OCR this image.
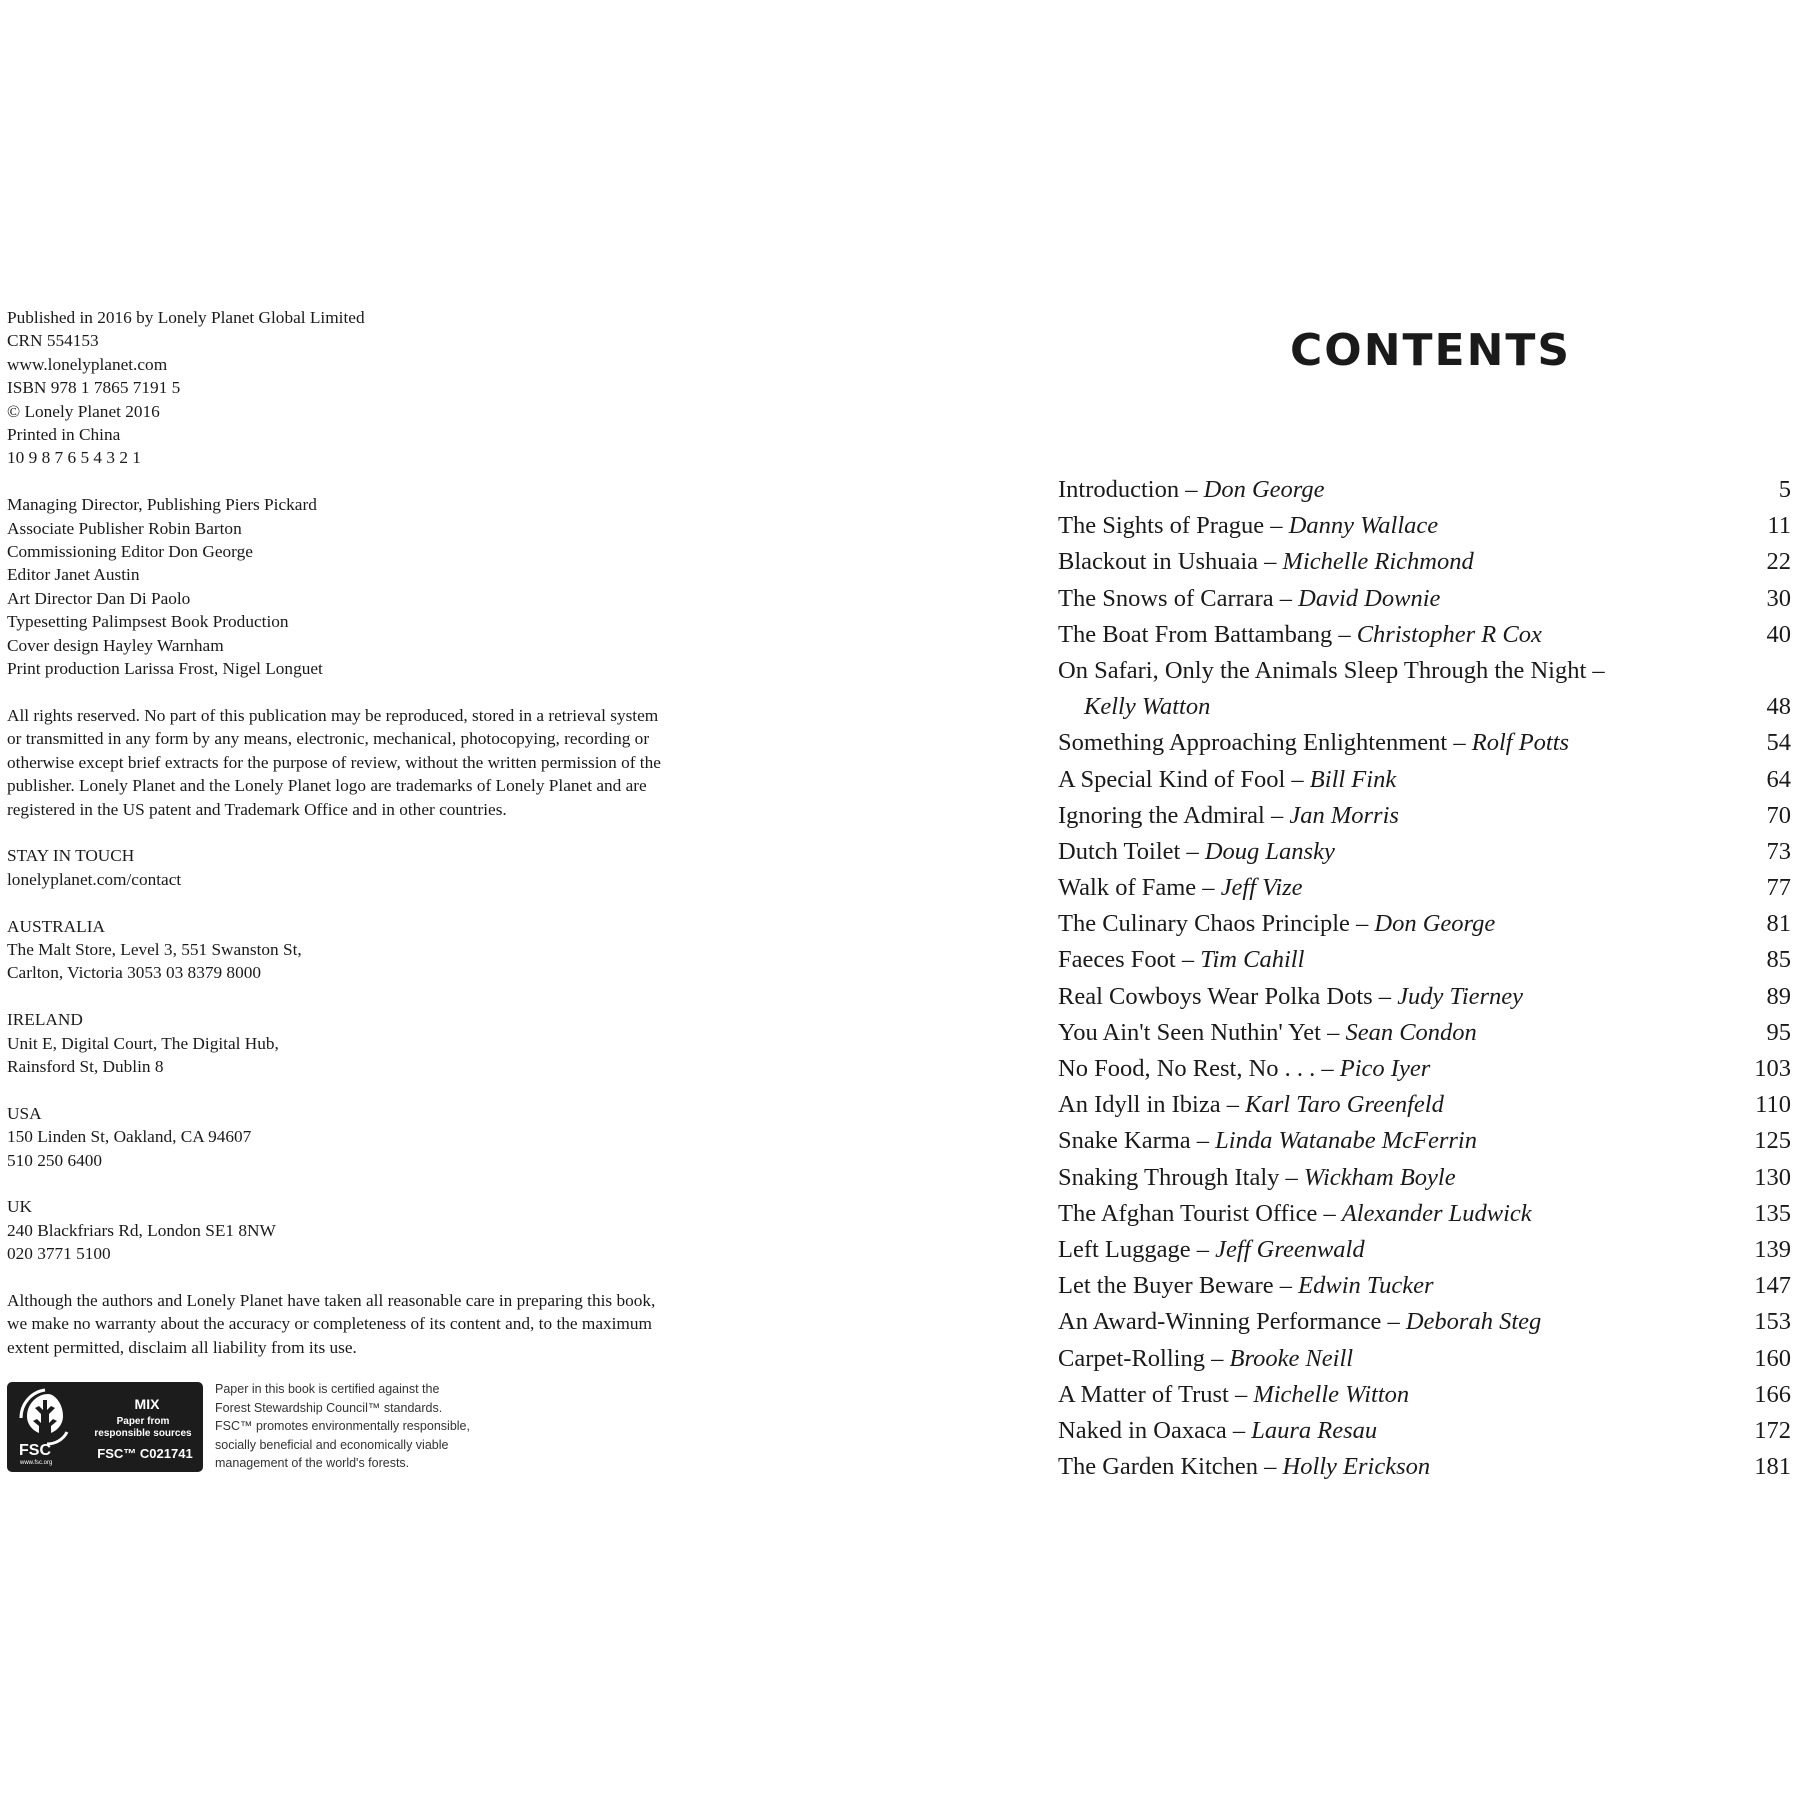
Published in 2016 by Lonely Planet Global Limited
CRN 554153
www.lonelyplanet.com
ISBN 978 1 7865 7191 5
© Lonely Planet 2016
Printed in China
10 9 8 7 6 5 4 3 2 1
Managing Director, Publishing Piers Pickard
Associate Publisher Robin Barton
Commissioning Editor Don George
Editor Janet Austin
Art Director Dan Di Paolo
Typesetting Palimpsest Book Production
Cover design Hayley Warnham
Print production Larissa Frost, Nigel Longuet
All rights reserved. No part of this publication may be reproduced, stored in a retrieval system
or transmitted in any form by any means, electronic, mechanical, photocopying, recording or
otherwise except brief extracts for the purpose of review, without the written permission of the
publisher. Lonely Planet and the Lonely Planet logo are trademarks of Lonely Planet and are
registered in the US patent and Trademark Office and in other countries.
STAY IN TOUCH
lonelyplanet.com/contact
AUSTRALIA
The Malt Store, Level 3, 551 Swanston St,
Carlton, Victoria 3053 03 8379 8000
IRELAND
Unit E, Digital Court, The Digital Hub,
Rainsford St, Dublin 8
USA
150 Linden St, Oakland, CA 94607
510 250 6400
UK
240 Blackfriars Rd, London SE1 8NW
020 3771 5100
Although the authors and Lonely Planet have taken all reasonable care in preparing this book,
we make no warranty about the accuracy or completeness of its content and, to the maximum
extent permitted, disclaim all liability from its use.
FSC
www.fsc.org
MIX
Paper from
responsible sources
FSC™ C021741
Paper in this book is certified against the
Forest Stewardship Council™ standards.
FSC™ promotes environmentally responsible,
socially beneficial and economically viable
management of the world's forests.
CONTENTS
Introduction – Don George	5
The Sights of Prague – Danny Wallace	11
Blackout in Ushuaia – Michelle Richmond	22
The Snows of Carrara – David Downie	30
The Boat From Battambang – Christopher R Cox	40
On Safari, Only the Animals Sleep Through the Night –
Kelly Watton	48
Something Approaching Enlightenment – Rolf Potts	54
A Special Kind of Fool – Bill Fink	64
Ignoring the Admiral – Jan Morris	70
Dutch Toilet – Doug Lansky	73
Walk of Fame – Jeff Vize	77
The Culinary Chaos Principle – Don George	81
Faeces Foot – Tim Cahill	85
Real Cowboys Wear Polka Dots – Judy Tierney	89
You Ain't Seen Nuthin' Yet – Sean Condon	95
No Food, No Rest, No . . . – Pico Iyer	103
An Idyll in Ibiza – Karl Taro Greenfeld	110
Snake Karma – Linda Watanabe McFerrin	125
Snaking Through Italy – Wickham Boyle	130
The Afghan Tourist Office – Alexander Ludwick	135
Left Luggage – Jeff Greenwald	139
Let the Buyer Beware – Edwin Tucker	147
An Award-Winning Performance – Deborah Steg	153
Carpet-Rolling – Brooke Neill	160
A Matter of Trust – Michelle Witton	166
Naked in Oaxaca – Laura Resau	172
The Garden Kitchen – Holly Erickson	181
